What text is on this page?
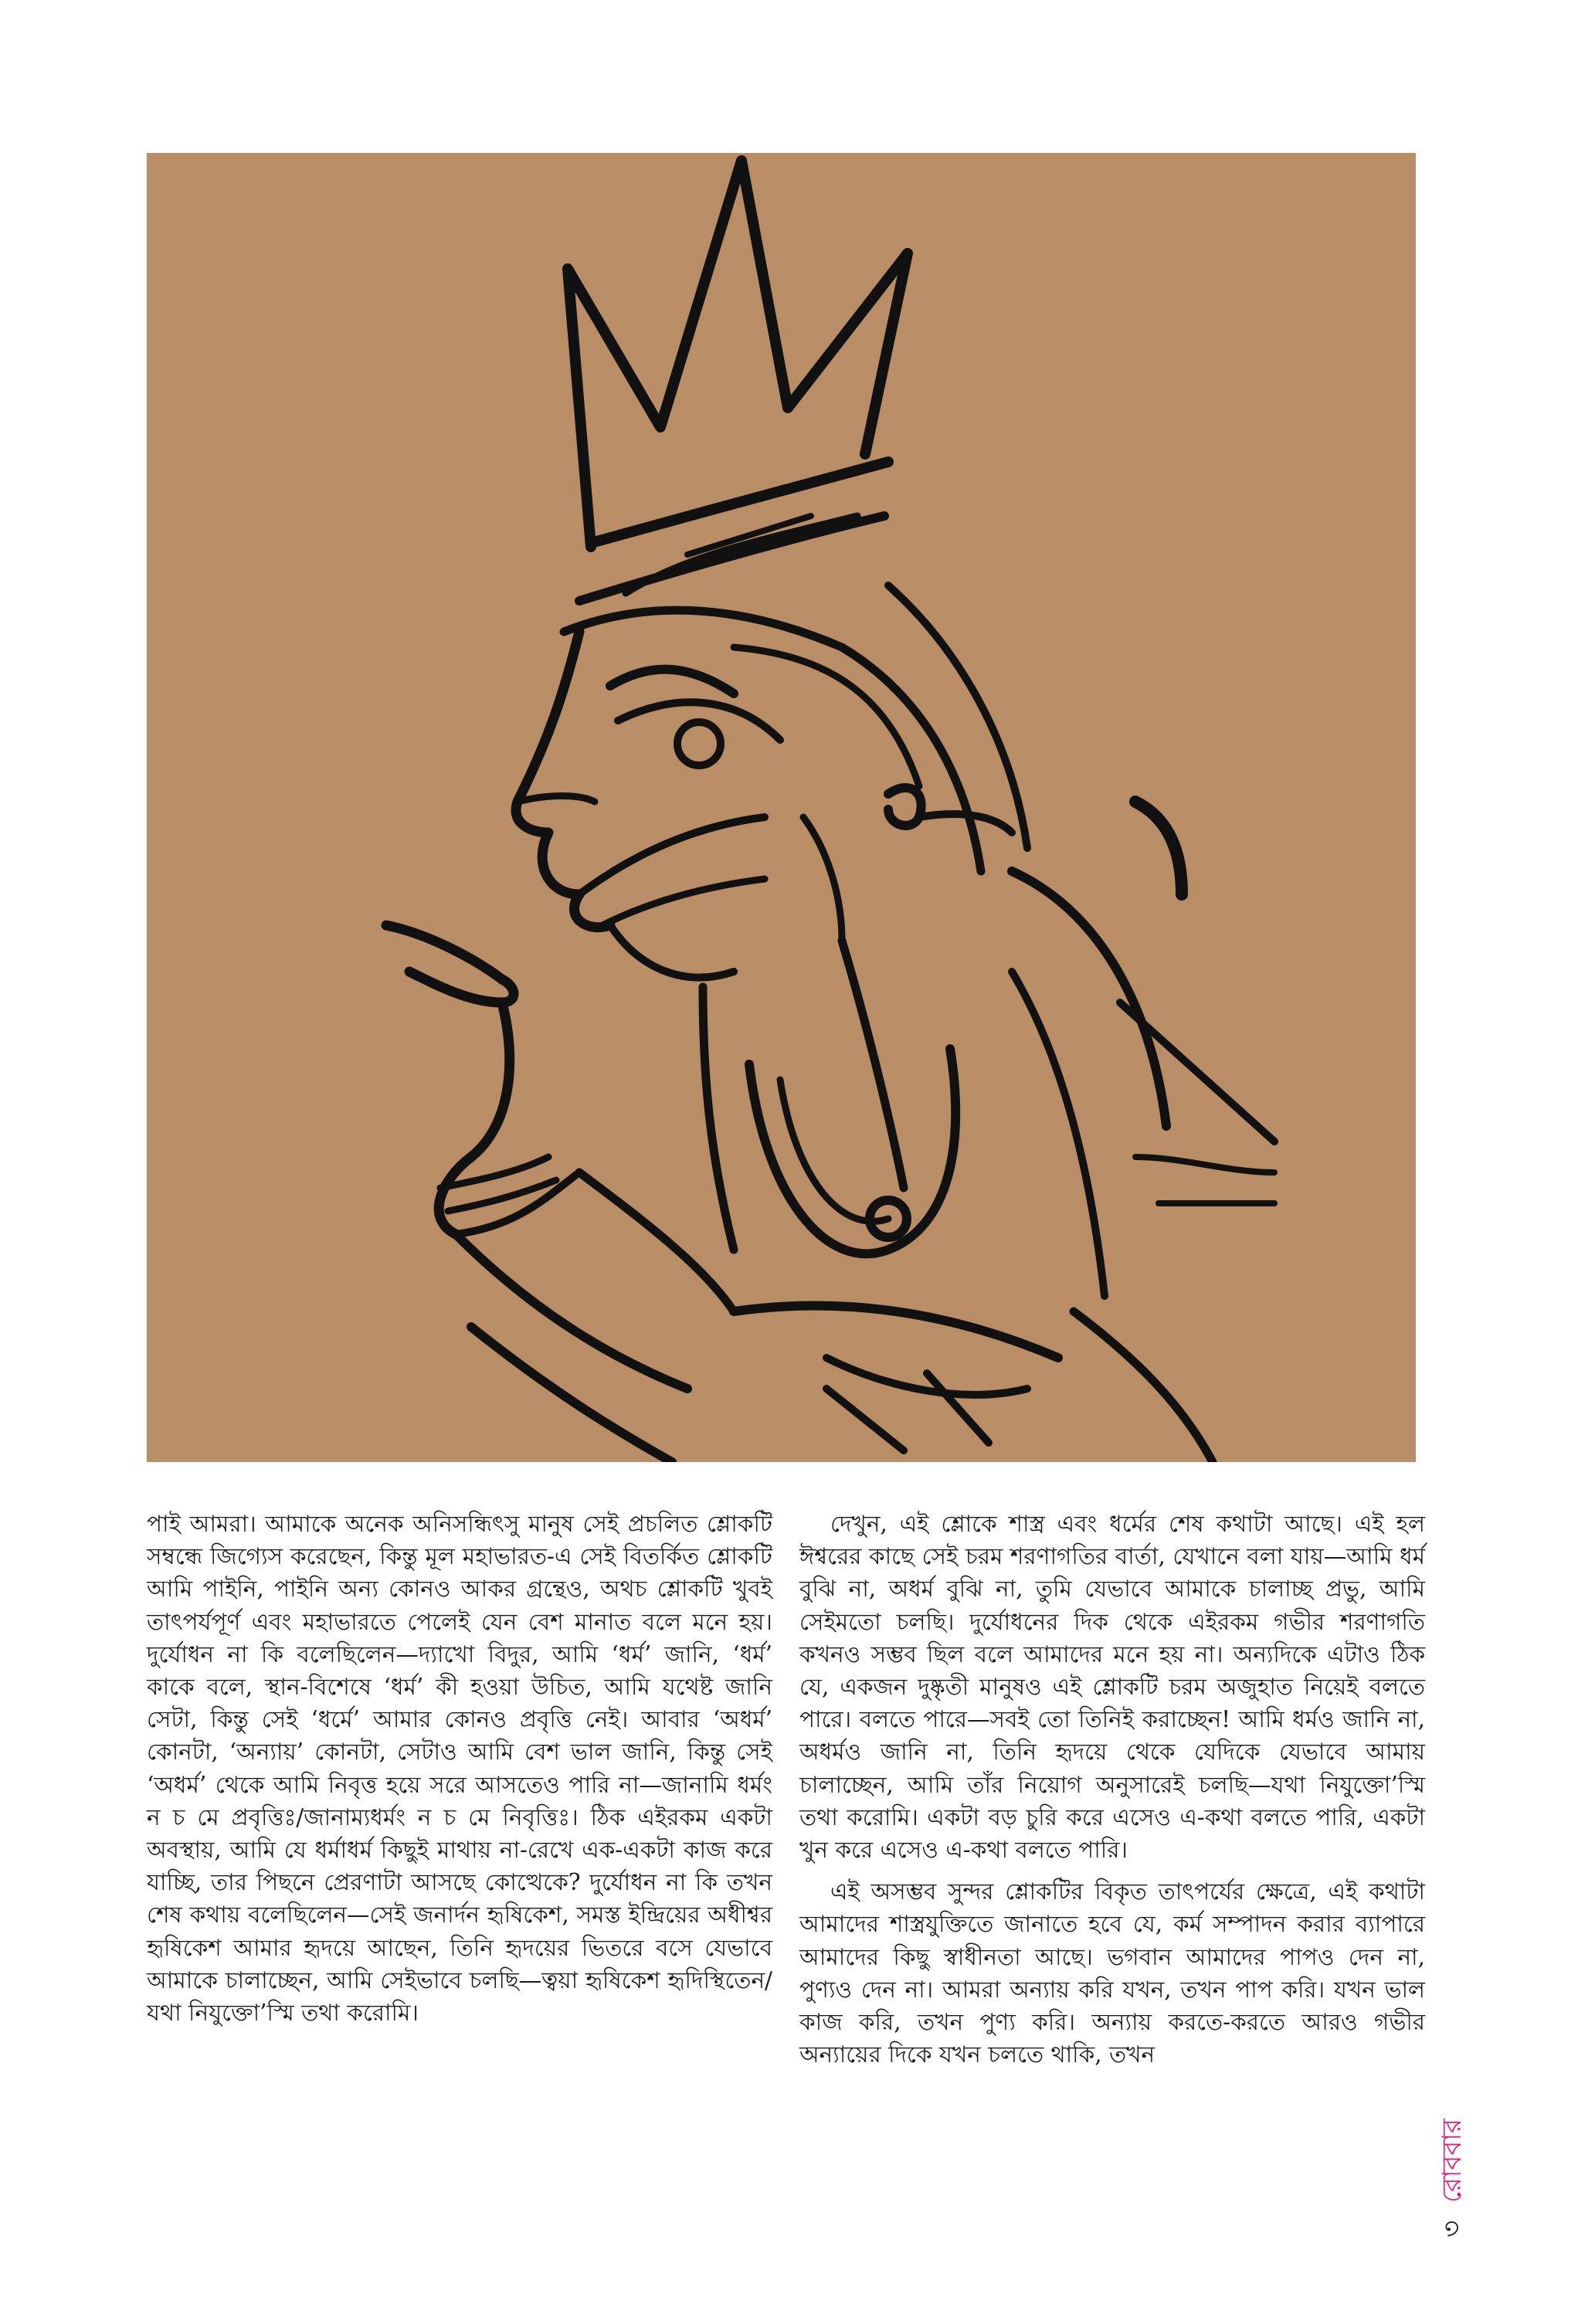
পাই আমরা। আমাকে অনেক অনিসন্ধিৎসু মানুষ সেই প্রচলিত শ্লোকটি সম্বন্ধে জিগ্যেস করেছেন, কিন্তু মূল মহাভারত-এ সেই বিতর্কিত শ্লোকটি আমি পাইনি, পাইনি অন্য কোনও আকর গ্রন্থেও, অথচ শ্লোকটি খুবই তাৎপর্যপূর্ণ এবং মহাভারতে পেলেই যেন বেশ মানাত বলে মনে হয়। দুর্যোধন না কি বলেছিলেন—দ্যাখো বিদুর, আমি ‘ধর্ম’ জানি, ‘ধর্ম’ কাকে বলে, স্থান-বিশেষে ‘ধর্ম’ কী হওয়া উচিত, আমি যথেষ্ট জানি সেটা, কিন্তু সেই ‘ধর্মে’ আমার কোনও প্রবৃত্তি নেই। আবার ‘অধর্ম’ কোনটা, ‘অন্যায়’ কোনটা, সেটাও আমি বেশ ভাল জানি, কিন্তু সেই ‘অধর্ম’ থেকে আমি নিবৃত্ত হয়ে সরে আসতেও পারি না—জানামি ধর্মং ন চ মে প্রবৃত্তিঃ/জানাম্যধর্মং ন চ মে নিবৃত্তিঃ। ঠিক এইরকম একটা অবস্থায়, আমি যে ধর্মাধর্ম কিছুই মাথায় না-রেখে এক-একটা কাজ করে যাচ্ছি, তার পিছনে প্রেরণাটা আসছে কোত্থেকে? দুর্যোধন না কি তখন শেষ কথায় বলেছিলেন—সেই জনার্দন হৃষিকেশ, সমস্ত ইন্দ্রিয়ের অধীশ্বর হৃষিকেশ আমার হৃদয়ে আছেন, তিনি হৃদয়ের ভিতরে বসে যেভাবে আমাকে চালাচ্ছেন, আমি সেইভাবে চলছি—ত্বয়া হৃষিকেশ হৃদিস্থিতেন/যথা নিযুক্তো’স্মি তথা করোমি।

দেখুন, এই শ্লোকে শাস্ত্র এবং ধর্মের শেষ কথাটা আছে। এই হল ঈশ্বরের কাছে সেই চরম শরণাগতির বার্তা, যেখানে বলা যায়—আমি ধর্ম বুঝি না, অধর্ম বুঝি না, তুমি যেভাবে আমাকে চালাচ্ছ প্রভু, আমি সেইমতো চলছি। দুর্যোধনের দিক থেকে এইরকম গভীর শরণাগতি কখনও সম্ভব ছিল বলে আমাদের মনে হয় না। অন্যদিকে এটাও ঠিক যে, একজন দুষ্কৃতী মানুষও এই শ্লোকটি চরম অজুহাত নিয়েই বলতে পারে। বলতে পারে—সবই তো তিনিই করাচ্ছেন! আমি ধর্মও জানি না, অধর্মও জানি না, তিনি হৃদয়ে থেকে যেদিকে যেভাবে আমায় চালাচ্ছেন, আমি তাঁর নিয়োগ অনুসারেই চলছি—যথা নিযুক্তো’স্মি তথা করোমি। একটা বড় চুরি করে এসেও এ-কথা বলতে পারি, একটা খুন করে এসেও এ-কথা বলতে পারি।

এই অসম্ভব সুন্দর শ্লোকটির বিকৃত তাৎপর্যের ক্ষেত্রে, এই কথাটা আমাদের শাস্ত্রযুক্তিতে জানাতে হবে যে, কর্ম সম্পাদন করার ব্যাপারে আমাদের কিছু স্বাধীনতা আছে। ভগবান আমাদের পাপও দেন না, পুণ্যও দেন না। আমরা অন্যায় করি যখন, তখন পাপ করি। যখন ভাল কাজ করি, তখন পুণ্য করি। অন্যায় করতে-করতে আরও গভীর অন্যায়ের দিকে যখন চলতে থাকি, তখন

৩ রোববার
